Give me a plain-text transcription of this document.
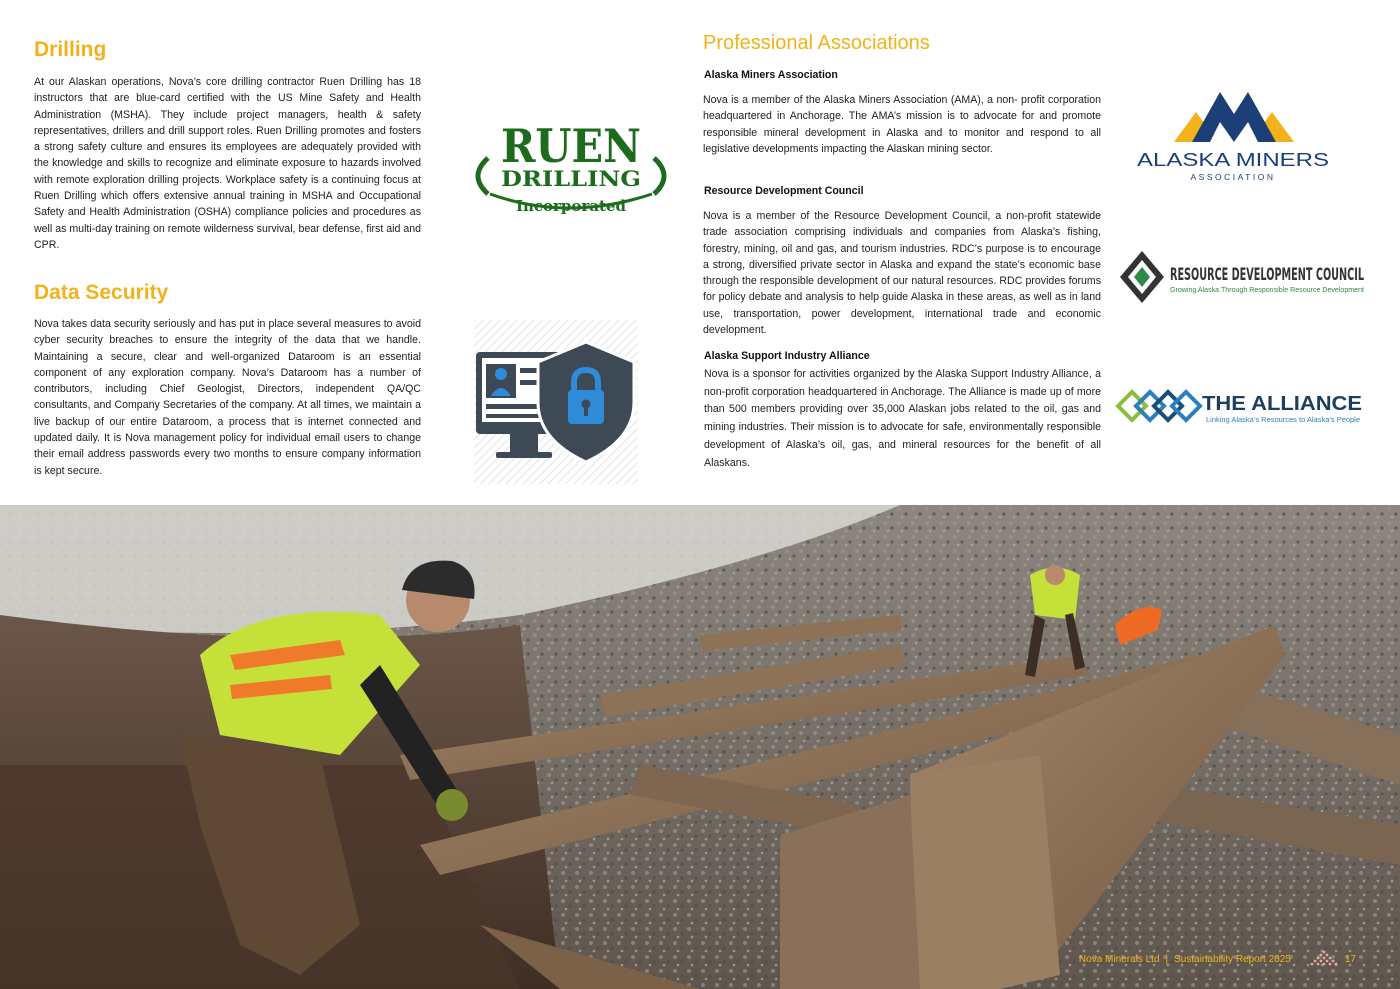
Drilling

At our Alaskan operations, Nova’s core drilling contractor Ruen Drilling has 18 instructors that are blue-card certified with the US Mine Safety and Health Administration (MSHA). They include project managers, health & safety representatives, drillers and drill support roles. Ruen Drilling promotes and fosters a strong safety culture and ensures its employees are adequately provided with the knowledge and skills to recognize and eliminate exposure to hazards involved with remote exploration drilling projects. Workplace safety is a continuing focus at Ruen Drilling which offers extensive annual training in MSHA and Occupational Safety and Health Administration (OSHA) compliance policies and procedures as well as multi-day training on remote wilderness survival, bear defense, first aid and CPR.

Data Security

Nova takes data security seriously and has put in place several measures to avoid cyber security breaches to ensure the integrity of the data that we handle. Maintaining a secure, clear and well-organized Dataroom is an essential component of any exploration company. Nova’s Dataroom has a number of contributors, including Chief Geologist, Directors, independent QA/QC consultants, and Company Secretaries of the company. At all times, we maintain a live backup of our entire Dataroom, a process that is internet connected and updated daily. It is Nova management policy for individual email users to change their email address passwords every two months to ensure company information is kept secure.

RUEN
DRILLING
Incorporated
Professional Associations
Alaska Miners Association

Nova is a member of the Alaska Miners Association (AMA), a non- profit corporation headquartered in Anchorage. The AMA’s mission is to advocate for and promote responsible mineral development in Alaska and to monitor and respond to all legislative developments impacting the Alaskan mining sector.

Resource Development Council

Nova is a member of the Resource Development Council, a non-profit statewide trade association comprising individuals and companies from Alaska’s fishing, forestry, mining, oil and gas, and tourism industries. RDC’s purpose is to encourage a strong, diversified private sector in Alaska and expand the state’s economic base through the responsible development of our natural resources. RDC provides forums for policy debate and analysis to help guide Alaska in these areas, as well as in land use, transportation, power development, international trade and economic development.

Alaska Support Industry Alliance

Nova is a sponsor for activities organized by the Alaska Support Industry Alliance, a non-profit corporation headquartered in Anchorage. The Alliance is made up of more than 500 members providing over 35,000 Alaskan jobs related to the oil, gas and mining industries. Their mission is to advocate for safe, environmentally responsible development of Alaska’s oil, gas, and mineral resources for the benefit of all Alaskans.

ALASKA MINERS
ASSOCIATION
RESOURCE DEVELOPMENT COUNCIL
Growing Alaska Through Responsible Resource Development
THE ALLIANCE
Linking Alaska’s Resources to Alaska’s People
Nova Minerals Ltd | Sustainability Report 2025	17
